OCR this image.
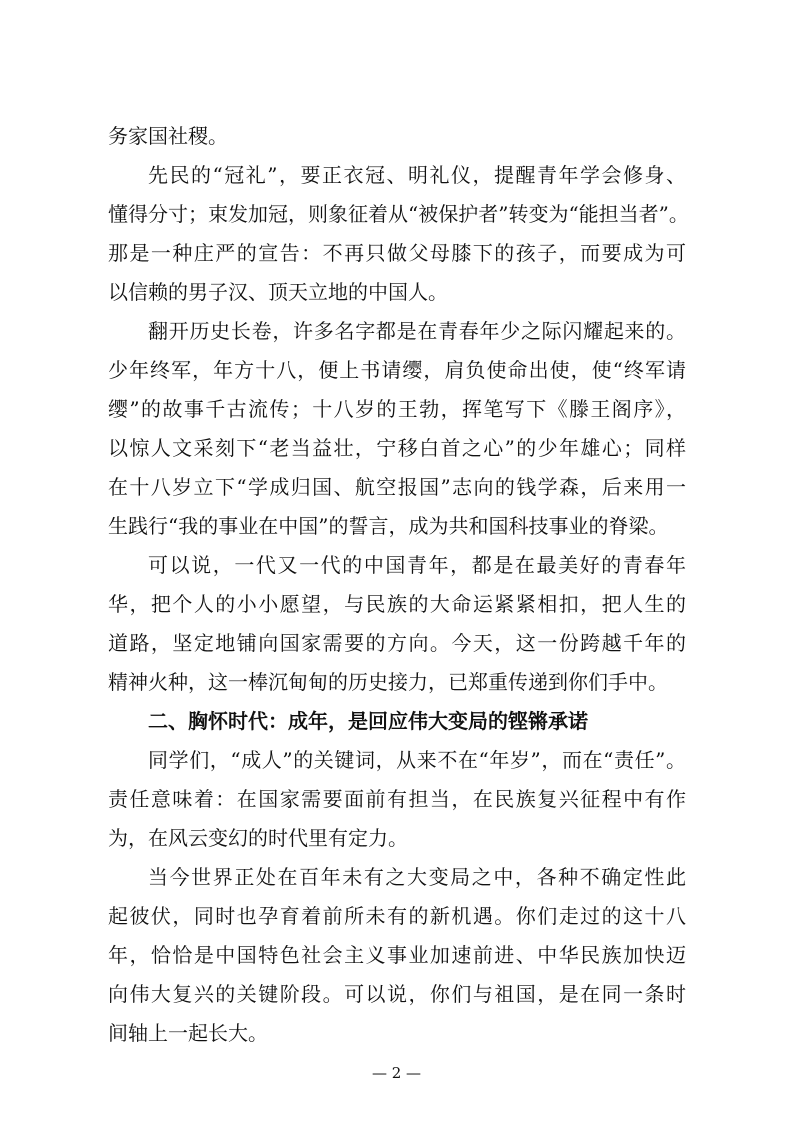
务家国社稷。
先民的“冠礼”，要正衣冠、明礼仪，提醒青年学会修身、
懂得分寸；束发加冠，则象征着从“被保护者”转变为“能担当者”。
那是一种庄严的宣告：不再只做父母膝下的孩子，而要成为可
以信赖的男子汉、顶天立地的中国人。
翻开历史长卷，许多名字都是在青春年少之际闪耀起来的。
少年终军，年方十八，便上书请缨，肩负使命出使，使“终军请
缨”的故事千古流传；十八岁的王勃，挥笔写下《滕王阁序》，
以惊人文采刻下“老当益壮，宁移白首之心”的少年雄心；同样
在十八岁立下“学成归国、航空报国”志向的钱学森，后来用一
生践行“我的事业在中国”的誓言，成为共和国科技事业的脊梁。
可以说，一代又一代的中国青年，都是在最美好的青春年
华，把个人的小小愿望，与民族的大命运紧紧相扣，把人生的
道路，坚定地铺向国家需要的方向。今天，这一份跨越千年的
精神火种，这一棒沉甸甸的历史接力，已郑重传递到你们手中。
二、胸怀时代：成年，是回应伟大变局的铿锵承诺
同学们，“成人”的关键词，从来不在“年岁”，而在“责任”。
责任意味着：在国家需要面前有担当，在民族复兴征程中有作
为，在风云变幻的时代里有定力。
当今世界正处在百年未有之大变局之中，各种不确定性此
起彼伏，同时也孕育着前所未有的新机遇。你们走过的这十八
年，恰恰是中国特色社会主义事业加速前进、中华民族加快迈
向伟大复兴的关键阶段。可以说，你们与祖国，是在同一条时
间轴上一起长大。
— 2 —
